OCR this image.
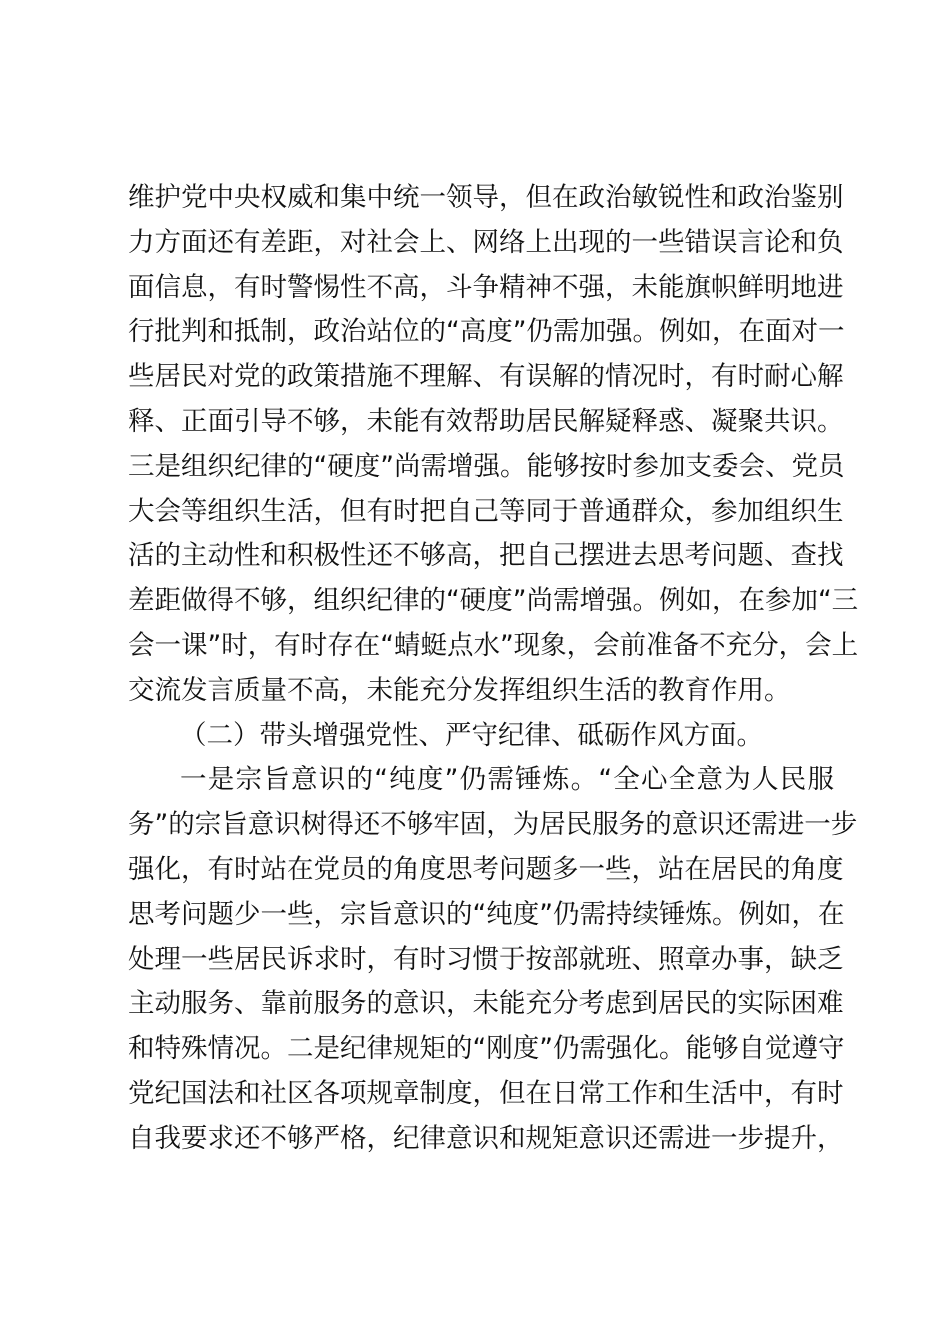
维护党中央权威和集中统一领导，但在政治敏锐性和政治鉴别
力方面还有差距，对社会上、网络上出现的一些错误言论和负
面信息，有时警惕性不高，斗争精神不强，未能旗帜鲜明地进
行批判和抵制，政治站位的“高度”仍需加强。例如，在面对一
些居民对党的政策措施不理解、有误解的情况时，有时耐心解
释、正面引导不够，未能有效帮助居民解疑释惑、凝聚共识。
三是组织纪律的“硬度”尚需增强。能够按时参加支委会、党员
大会等组织生活，但有时把自己等同于普通群众，参加组织生
活的主动性和积极性还不够高，把自己摆进去思考问题、查找
差距做得不够，组织纪律的“硬度”尚需增强。例如，在参加“三
会一课”时，有时存在“蜻蜓点水”现象，会前准备不充分，会上
交流发言质量不高，未能充分发挥组织生活的教育作用。
（二）带头增强党性、严守纪律、砥砺作风方面。
一是宗旨意识的“纯度”仍需锤炼。“全心全意为人民服
务”的宗旨意识树得还不够牢固，为居民服务的意识还需进一步
强化，有时站在党员的角度思考问题多一些，站在居民的角度
思考问题少一些，宗旨意识的“纯度”仍需持续锤炼。例如，在
处理一些居民诉求时，有时习惯于按部就班、照章办事，缺乏
主动服务、靠前服务的意识，未能充分考虑到居民的实际困难
和特殊情况。二是纪律规矩的“刚度”仍需强化。能够自觉遵守
党纪国法和社区各项规章制度，但在日常工作和生活中，有时
自我要求还不够严格，纪律意识和规矩意识还需进一步提升，
